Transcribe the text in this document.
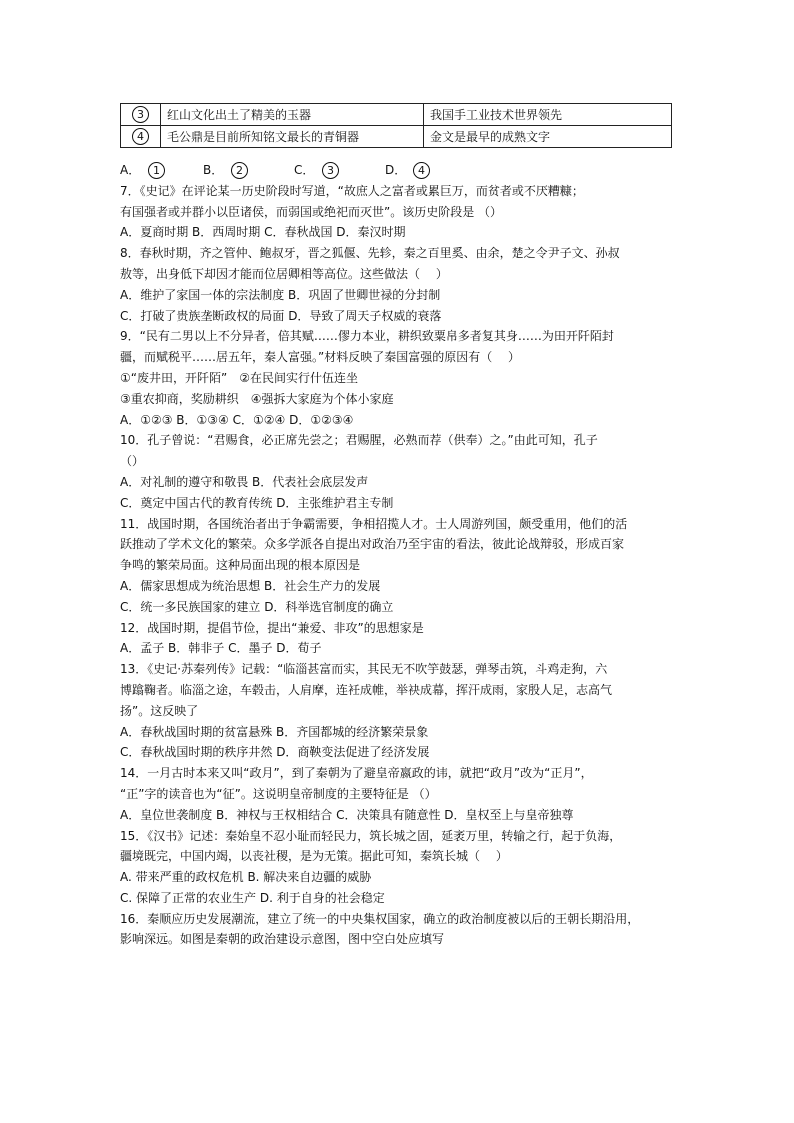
3	红山文化出土了精美的玉器	我国手工业技术世界领先
4	毛公鼎是目前所知铭文最长的青铜器	金文是最早的成熟文字
A． 1	B． 2	C． 3	D． 4
7．《史记》在评论某一历史阶段时写道，“故庶人之富者或累巨万，而贫者或不厌糟糠；
有国强者或并群小以臣诸侯，而弱国或绝祀而灭世”。该历史阶段是 （）
A．夏商时期 B．西周时期 C．春秋战国 D．秦汉时期
8．春秋时期，齐之管仲、鲍叔牙，晋之狐偃、先轸，秦之百里奚、由余，楚之令尹子文、孙叔
敖等，出身低下却因才能而位居卿相等高位。这些做法（　 ）
A．维护了家国一体的宗法制度 B．巩固了世卿世禄的分封制
C．打破了贵族垄断政权的局面 D．导致了周天子权威的衰落
9．“民有二男以上不分异者，倍其赋……僇力本业，耕织致粟帛多者复其身……为田开阡陌封
疆，而赋税平……居五年，秦人富强。”材料反映了秦国富强的原因有（　 ）
①“废井田，开阡陌”　②在民间实行什伍连坐
③重农抑商，奖励耕织　④强拆大家庭为个体小家庭
A．①②③ B．①③④ C．①②④ D．①②③④
10．孔子曾说：“君赐食，必正席先尝之；君赐腥，必熟而荐（供奉）之。”由此可知，孔子
（）
A．对礼制的遵守和敬畏 B．代表社会底层发声
C．奠定中国古代的教育传统 D．主张维护君主专制
11．战国时期，各国统治者出于争霸需要，争相招揽人才。士人周游列国，颇受重用，他们的活
跃推动了学术文化的繁荣。众多学派各自提出对政治乃至宇宙的看法，彼此论战辩驳，形成百家
争鸣的繁荣局面。这种局面出现的根本原因是
A．儒家思想成为统治思想 B．社会生产力的发展
C．统一多民族国家的建立 D．科举选官制度的确立
12．战国时期，提倡节俭，提出“兼爱、非攻”的思想家是
A．孟子 B．韩非子 C．墨子 D．荀子
13．《史记·苏秦列传》记载：“临淄甚富而实，其民无不吹竽鼓瑟，弹琴击筑，斗鸡走狗，六
博蹹鞠者。临淄之途，车毂击，人肩摩，连衽成帷，举袂成幕，挥汗成雨，家殷人足，志高气
扬”。这反映了
A．春秋战国时期的贫富悬殊 B．齐国都城的经济繁荣景象
C．春秋战国时期的秩序井然 D．商鞅变法促进了经济发展
14．一月古时本来又叫“政月”，到了秦朝为了避皇帝嬴政的讳，就把“政月”改为“正月”，
“正”字的读音也为“征”。这说明皇帝制度的主要特征是 （）
A．皇位世袭制度 B．神权与王权相结合 C．决策具有随意性 D．皇权至上与皇帝独尊
15．《汉书》记述：秦始皇不忍小耻而轻民力，筑长城之固，延袤万里，转输之行，起于负海，
疆境既完，中国内竭，以丧社稷，是为无策。据此可知，秦筑长城（　 ）
A. 带来严重的政权危机 B. 解决来自边疆的威胁
C. 保障了正常的农业生产 D. 利于自身的社会稳定
16．秦顺应历史发展潮流，建立了统一的中央集权国家，确立的政治制度被以后的王朝长期沿用，
影响深远。如图是秦朝的政治建设示意图，图中空白处应填写
